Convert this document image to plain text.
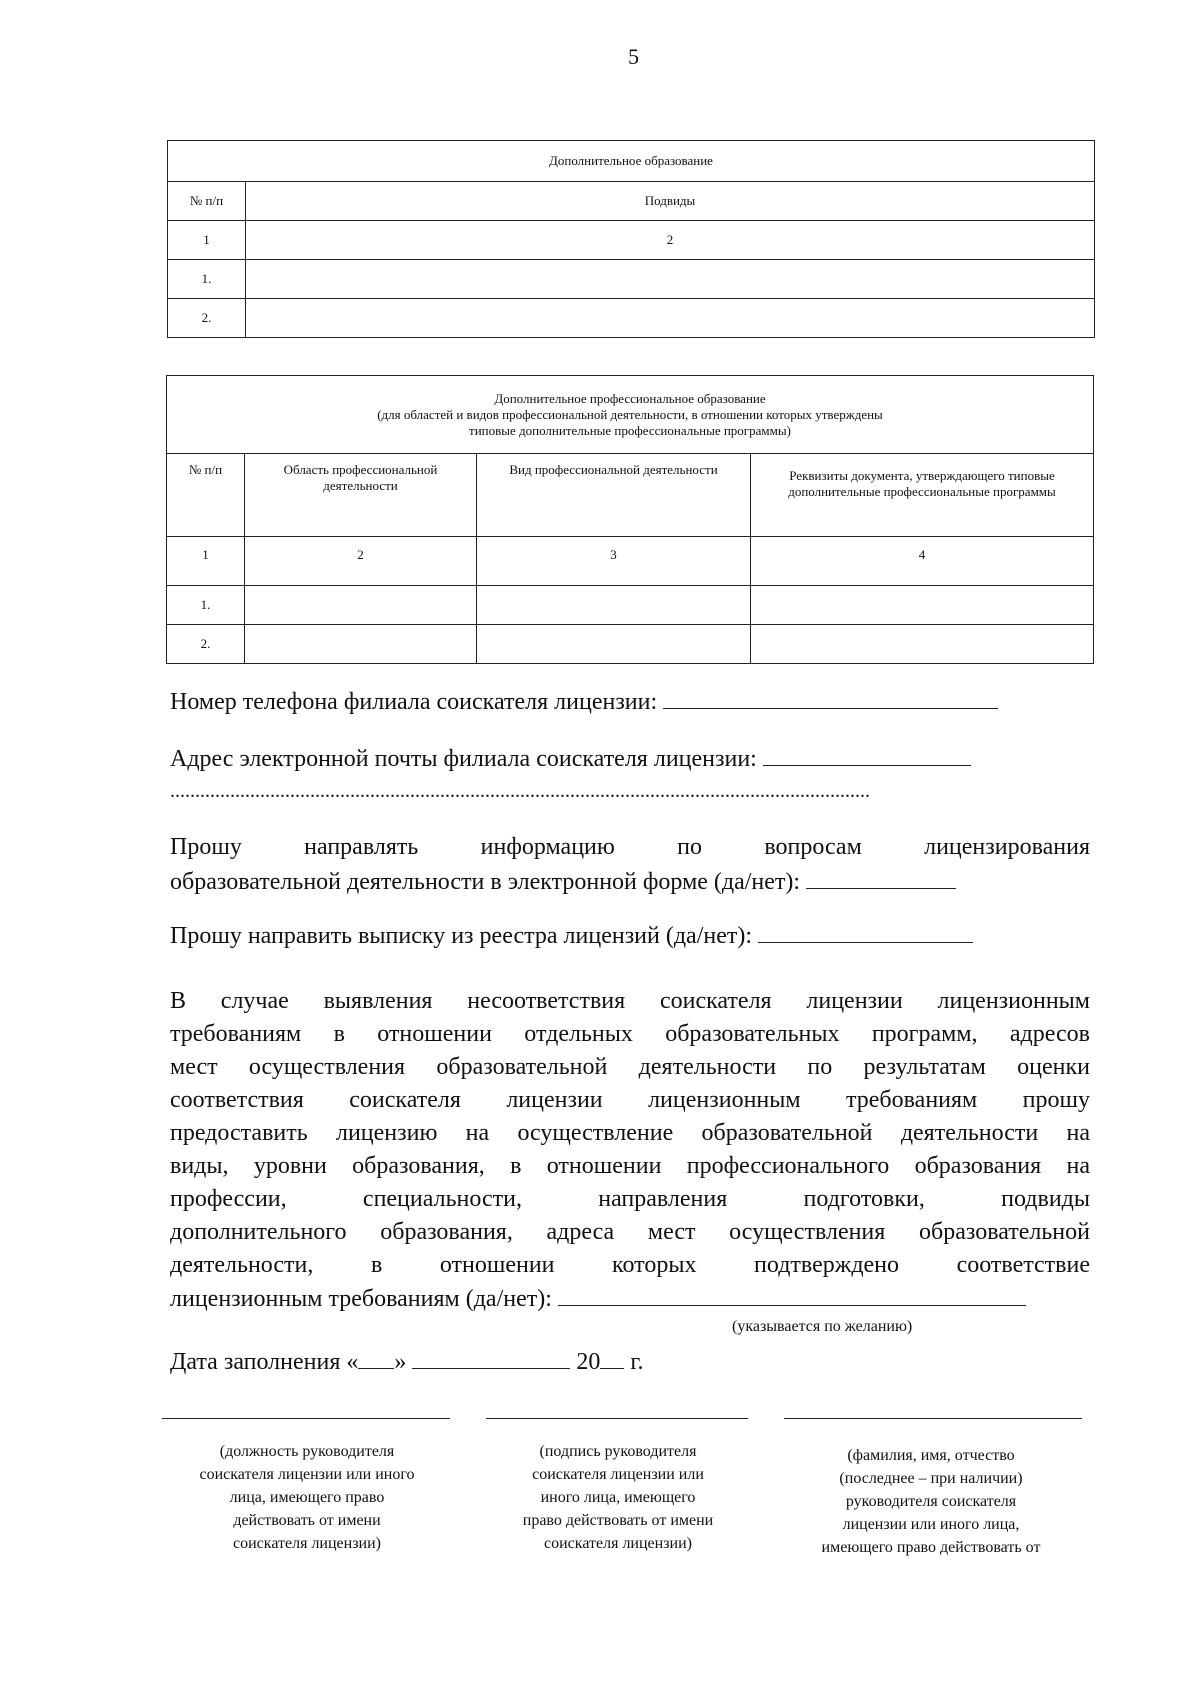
5
Дополнительное образование	
№ п/п	Подвиды
1	2
1.	
2.	
Дополнительное профессиональное образование
(для областей и видов профессиональной деятельности, в отношении которых утверждены
типовые дополнительные профессиональные программы)			

№ п/п	Область профессиональной деятельности	Вид профессиональной деятельности	Реквизиты документа, утверждающего типовые дополнительные профессиональные программы
1	2	3	4
1.			
2.			
Номер телефона филиала соискателя лицензии:
Адрес электронной почты филиала соискателя лицензии:
............................................................................................................................................
Прошу направлять информацию по вопросам лицензирования
образовательной деятельности в электронной форме (да/нет):
Прошу направить выписку из реестра лицензий (да/нет):
В случае выявления несоответствия соискателя лицензии лицензионным
требованиям в отношении отдельных образовательных программ, адресов
мест осуществления образовательной деятельности по результатам оценки
соответствия соискателя лицензии лицензионным требованиям прошу
предоставить лицензию на осуществление образовательной деятельности на
виды, уровни образования, в отношении профессионального образования на
профессии, специальности, направления подготовки, подвиды
дополнительного образования, адреса мест осуществления образовательной
деятельности, в отношении которых подтверждено соответствие
лицензионным требованиям (да/нет):
(указывается по желанию)
Дата заполнения « »	20 г.
(должность руководителя
соискателя лицензии или иного
лица, имеющего право
действовать от имени
соискателя лицензии)
(подпись руководителя
соискателя лицензии или
иного лица, имеющего
право действовать от имени
соискателя лицензии)
(фамилия, имя, отчество
(последнее – при наличии)
руководителя соискателя
лицензии или иного лица,
имеющего право действовать от
